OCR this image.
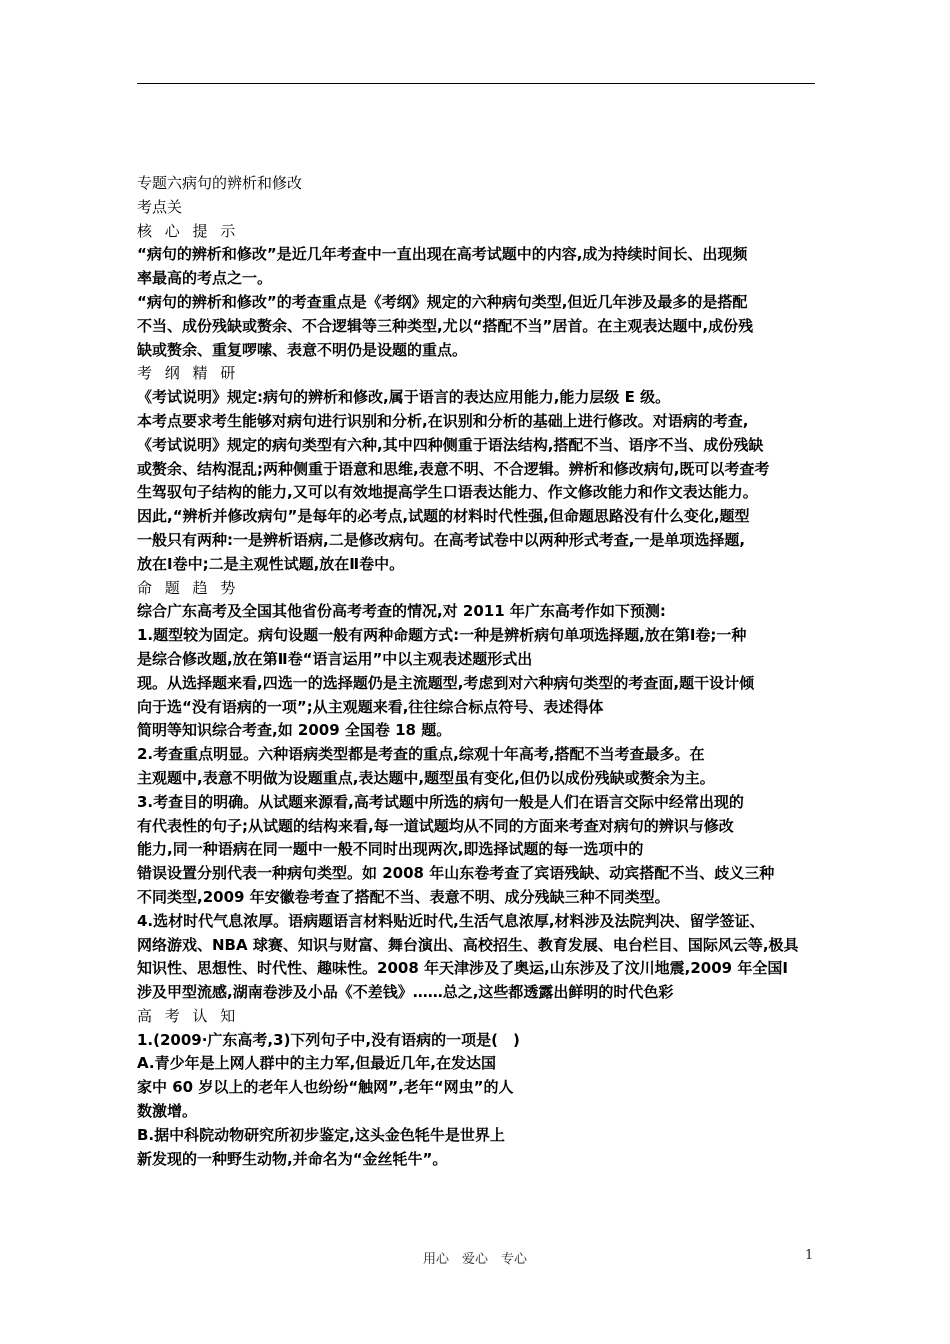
专题六病句的辨析和修改
考点关
核 心 提 示
“病句的辨析和修改”是近几年考查中一直出现在高考试题中的内容,成为持续时间长、出现频
率最高的考点之一。
“病句的辨析和修改”的考查重点是《考纲》规定的六种病句类型,但近几年涉及最多的是搭配
不当、成份残缺或赘余、不合逻辑等三种类型,尤以“搭配不当”居首。在主观表达题中,成份残
缺或赘余、重复啰嗦、表意不明仍是设题的重点。
考 纲 精 研
《考试说明》规定:病句的辨析和修改,属于语言的表达应用能力,能力层级 E 级。
本考点要求考生能够对病句进行识别和分析,在识别和分析的基础上进行修改。对语病的考查,
《考试说明》规定的病句类型有六种,其中四种侧重于语法结构,搭配不当、语序不当、成份残缺
或赘余、结构混乱;两种侧重于语意和思维,表意不明、不合逻辑。辨析和修改病句,既可以考查考
生驾驭句子结构的能力,又可以有效地提高学生口语表达能力、作文修改能力和作文表达能力。
因此,“辨析并修改病句”是每年的必考点,试题的材料时代性强,但命题思路没有什么变化,题型
一般只有两种:一是辨析语病,二是修改病句。在高考试卷中以两种形式考查,一是单项选择题,
放在Ⅰ卷中;二是主观性试题,放在Ⅱ卷中。
命 题 趋 势
综合广东高考及全国其他省份高考考查的情况,对 2011 年广东高考作如下预测:
1.题型较为固定。病句设题一般有两种命题方式:一种是辨析病句单项选择题,放在第Ⅰ卷;一种
是综合修改题,放在第Ⅱ卷“语言运用”中以主观表述题形式出
现。从选择题来看,四选一的选择题仍是主流题型,考虑到对六种病句类型的考查面,题干设计倾
向于选“没有语病的一项”;从主观题来看,往往综合标点符号、表述得体
简明等知识综合考查,如 2009 全国卷 18 题。
2.考查重点明显。六种语病类型都是考查的重点,综观十年高考,搭配不当考查最多。在
主观题中,表意不明做为设题重点,表达题中,题型虽有变化,但仍以成份残缺或赘余为主。
3.考查目的明确。从试题来源看,高考试题中所选的病句一般是人们在语言交际中经常出现的
有代表性的句子;从试题的结构来看,每一道试题均从不同的方面来考查对病句的辨识与修改
能力,同一种语病在同一题中一般不同时出现两次,即选择试题的每一选项中的
错误设置分别代表一种病句类型。如 2008 年山东卷考查了宾语残缺、动宾搭配不当、歧义三种
不同类型,2009 年安徽卷考查了搭配不当、表意不明、成分残缺三种不同类型。
4.选材时代气息浓厚。语病题语言材料贴近时代,生活气息浓厚,材料涉及法院判决、留学签证、
网络游戏、NBA 球赛、知识与财富、舞台演出、高校招生、教育发展、电台栏目、国际风云等,极具
知识性、思想性、时代性、趣味性。2008 年天津涉及了奥运,山东涉及了汶川地震,2009 年全国Ⅰ
涉及甲型流感,湖南卷涉及小品《不差钱》……总之,这些都透露出鲜明的时代色彩
高 考 认 知
1.(2009·广东高考,3)下列句子中,没有语病的一项是(　)
A.青少年是上网人群中的主力军,但最近几年,在发达国
家中 60 岁以上的老年人也纷纷“触网”,老年“网虫”的人
数激增。
B.据中科院动物研究所初步鉴定,这头金色牦牛是世界上
新发现的一种野生动物,并命名为“金丝牦牛”。
用心　爱心　专心	1
